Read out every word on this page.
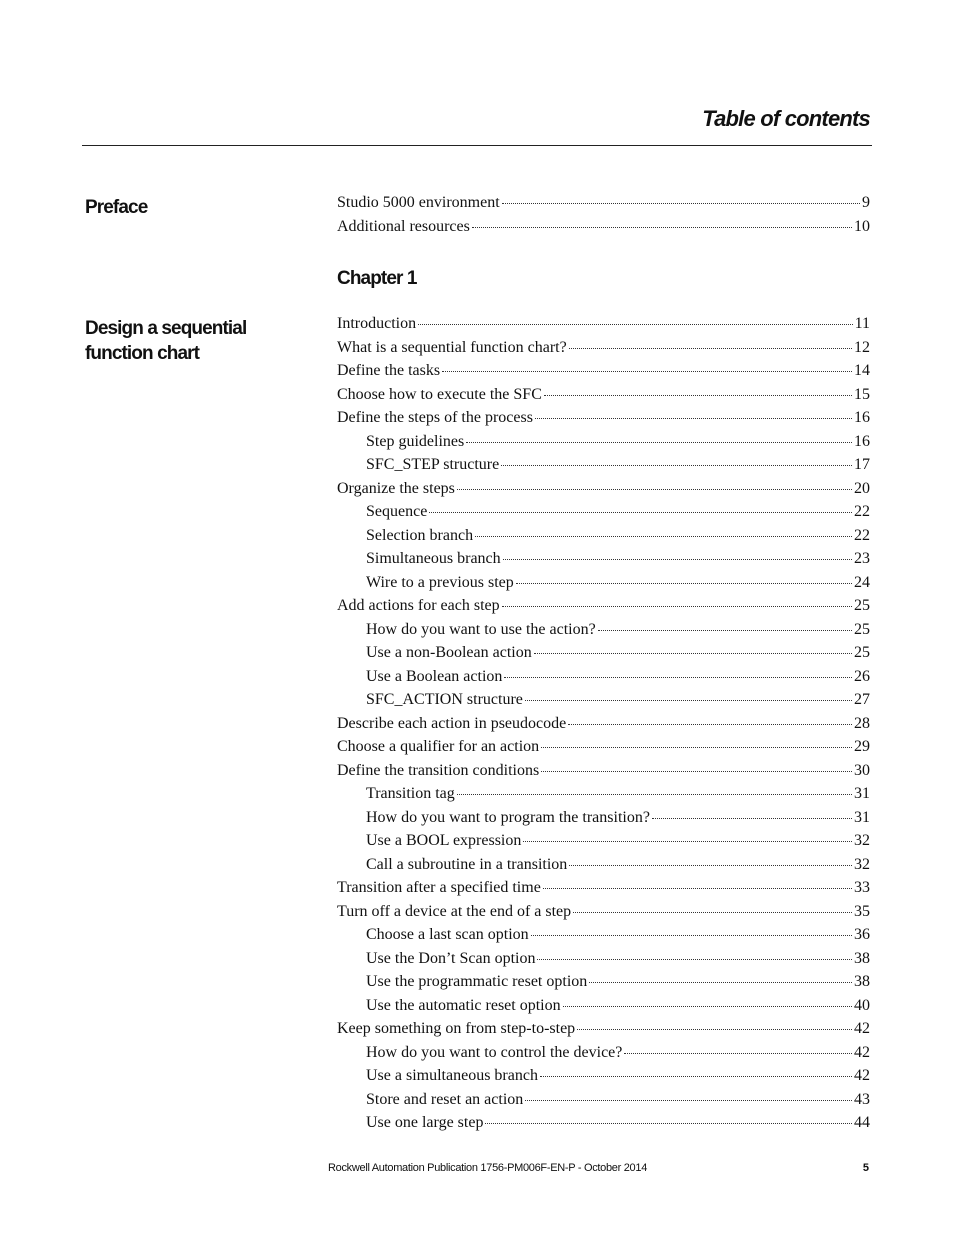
Table of contents
Preface	Studio 5000 environment	9
Additional resources	10
Chapter 1
Design a sequential function chart
Introduction	11
What is a sequential function chart?	12
Define the tasks	14
Choose how to execute the SFC	15
Define the steps of the process	16
Step guidelines	16
SFC_STEP structure	17
Organize the steps	20
Sequence	22
Selection branch	22
Simultaneous branch	23
Wire to a previous step	24
Add actions for each step	25
How do you want to use the action?	25
Use a non-Boolean action	25
Use a Boolean action	26
SFC_ACTION structure	27
Describe each action in pseudocode	28
Choose a qualifier for an action	29
Define the transition conditions	30
Transition tag	31
How do you want to program the transition?	31
Use a BOOL expression	32
Call a subroutine in a transition	32
Transition after a specified time	33
Turn off a device at the end of a step	35
Choose a last scan option	36
Use the Don’t Scan option	38
Use the programmatic reset option	38
Use the automatic reset option	40
Keep something on from step-to-step	42
How do you want to control the device?	42
Use a simultaneous branch	42
Store and reset an action	43
Use one large step	44
Rockwell Automation Publication 1756-PM006F-EN-P - October 2014	5
